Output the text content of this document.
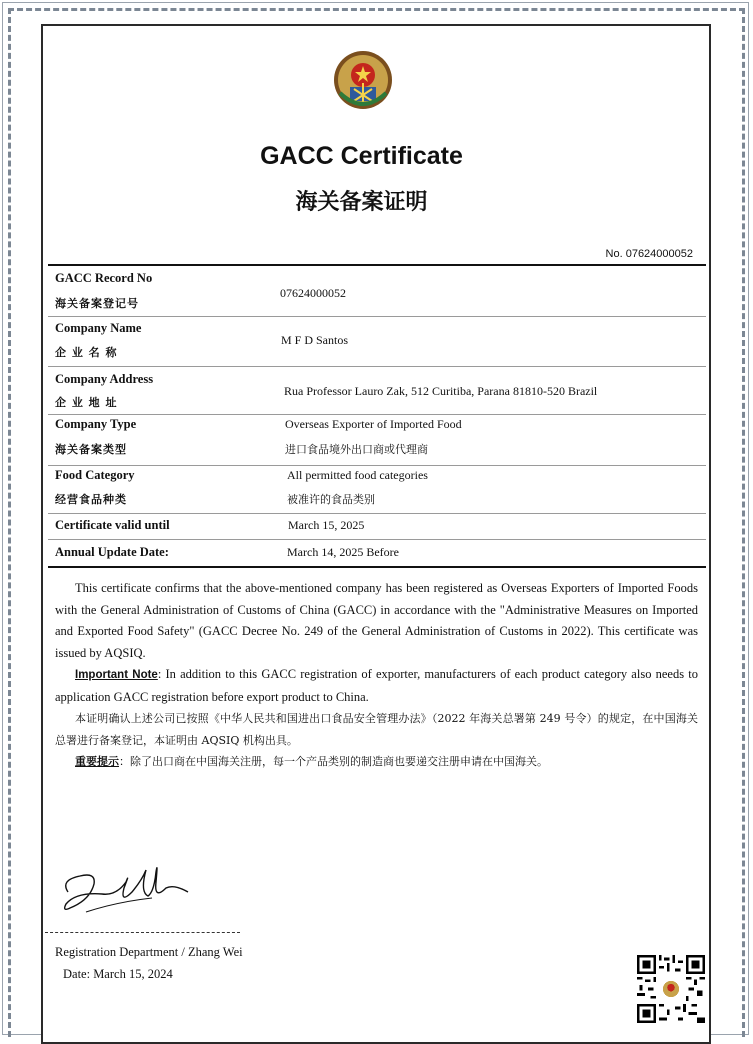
GACC Certificate
海关备案证明
No. 07624000052
GACC Record No
海关备案登记号
07624000052
Company Name
企 业 名 称
M F D Santos
Company Address
企 业 地 址
Rua Professor Lauro Zak, 512 Curitiba, Parana 81810-520 Brazil
Company Type
海关备案类型
Overseas Exporter of Imported Food
进口食品境外出口商或代理商
Food Category
经营食品种类
All permitted food categories
被准许的食品类别
Certificate valid until	March 15, 2025
Annual Update Date:	March 14, 2025 Before

This certificate confirms that the above-mentioned company has been registered as Overseas Exporters of Imported Foods with the General Administration of Customs of China (GACC) in accordance with the "Administrative Measures on Imported and Exported Food Safety" (GACC Decree No. 249 of the General Administration of Customs in 2022). This certificate was issued by AQSIQ.

Important Note: In addition to this GACC registration of exporter, manufacturers of each product category also needs to application GACC registration before export product to China.

本证明确认上述公司已按照《中华人民共和国进出口食品安全管理办法》（2022 年海关总署第 249 号令）的规定，在中国海关总署进行备案登记，本证明由 AQSIQ 机构出具。

重要提示：除了出口商在中国海关注册，每一个产品类别的制造商也要递交注册申请在中国海关。

Registration Department / Zhang Wei
Date: March 15, 2024
